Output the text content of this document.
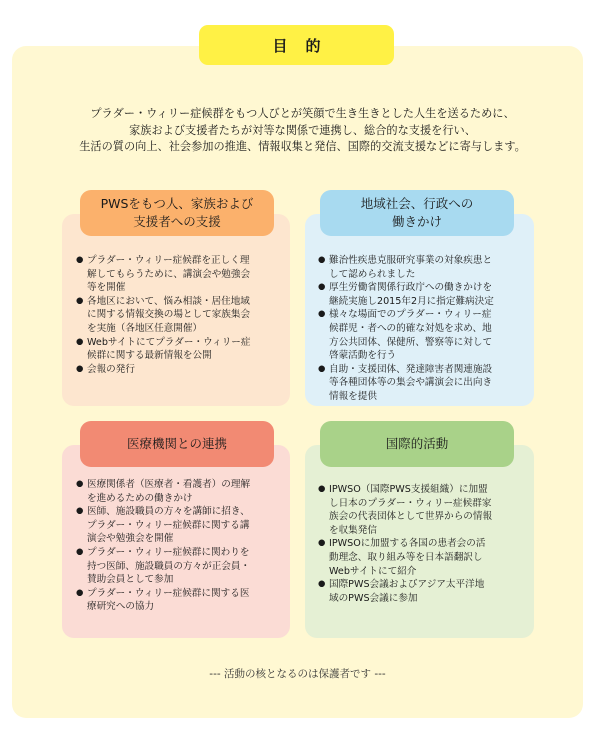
目的
プラダー・ウィリー症候群をもつ人びとが笑顔で生き生きとした人生を送るために、
家族および支援者たちが対等な関係で連携し、総合的な支援を行い、
生活の質の向上、社会参加の推進、情報収集と発信、国際的交流支援などに寄与します。
PWSをもつ人、家族および
支援者への支援
● プラダー・ウィリー症候群を正しく理
解してもらうために、講演会や勉強会
等を開催
● 各地区において、悩み相談・居住地域
に関する情報交換の場として家族集会
を実施（各地区任意開催）
● Webサイトにてプラダー・ウィリー症
候群に関する最新情報を公開
● 会報の発行
地域社会、行政への
働きかけ
● 難治性疾患克服研究事業の対象疾患と
して認められました
● 厚生労働省関係行政庁への働きかけを
継続実施し2015年2月に指定難病決定
● 様々な場面でのプラダー・ウィリー症
候群児・者への的確な対処を求め、地
方公共団体、保健所、警察等に対して
啓蒙活動を行う
● 自助・支援団体、発達障害者関連施設
等各種団体等の集会や講演会に出向き
情報を提供
医療機関との連携
● 医療関係者（医療者・看護者）の理解
を進めるための働きかけ
● 医師、施設職員の方々を講師に招き、
プラダー・ウィリー症候群に関する講
演会や勉強会を開催
● プラダー・ウィリー症候群に関わりを
持つ医師、施設職員の方々が正会員・
賛助会員として参加
● プラダー・ウィリー症候群に関する医
療研究への協力
国際的活動
● IPWSO（国際PWS支援組織）に加盟
し日本のプラダー・ウィリー症候群家
族会の代表団体として世界からの情報
を収集発信
● IPWSOに加盟する各国の患者会の活
動理念、取り組み等を日本語翻訳し
Webサイトにて紹介
● 国際PWS会議およびアジア太平洋地
域のPWS会議に参加
--- 活動の核となるのは保護者です ---
